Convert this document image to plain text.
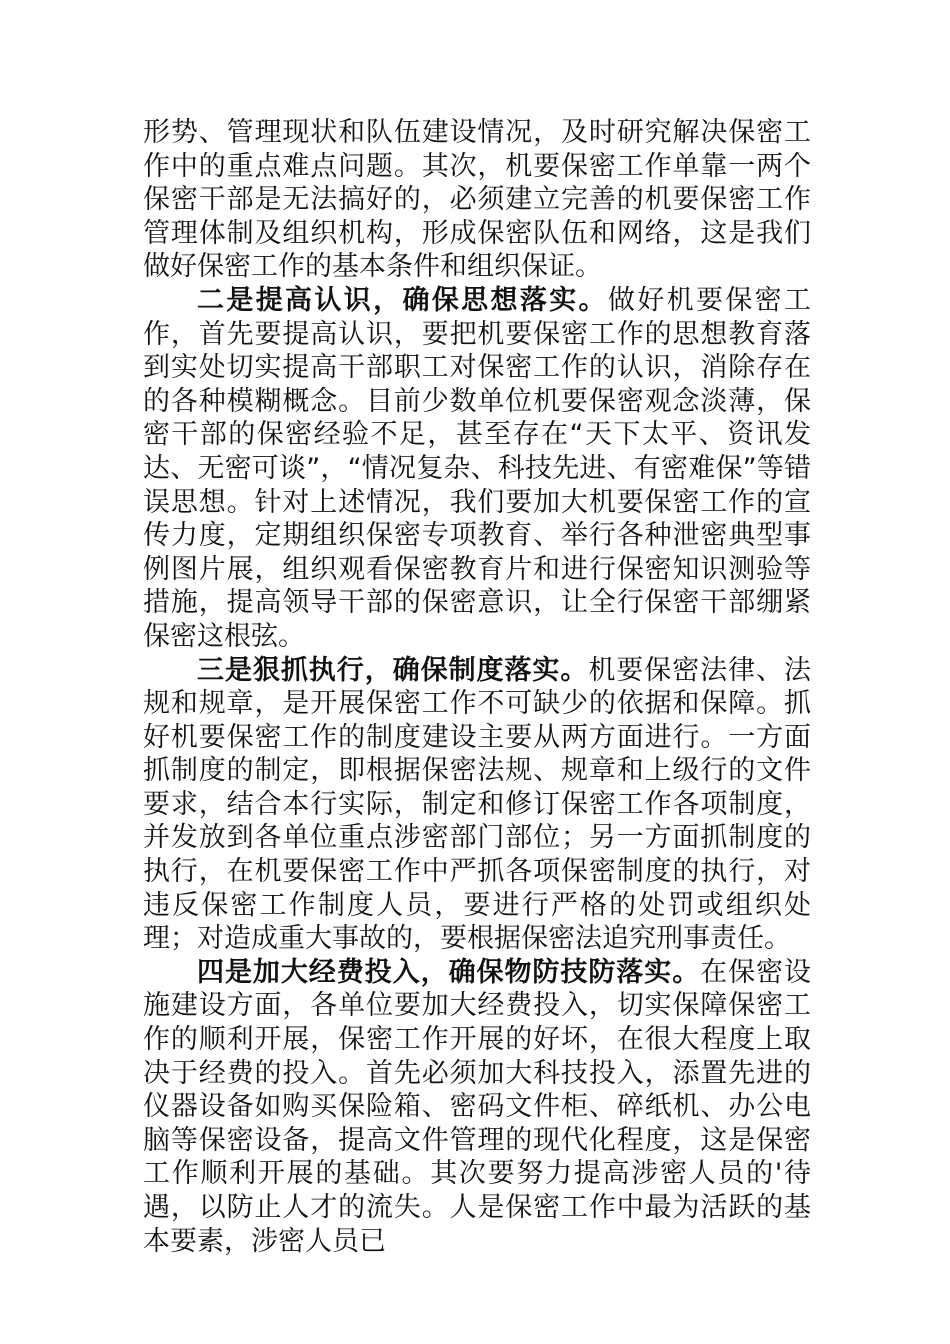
形势、管理现状和队伍建设情况，及时研究解决保密工作中的重点难点问题。其次，机要保密工作单靠一两个保密干部是无法搞好的，必须建立完善的机要保密工作管理体制及组织机构，形成保密队伍和网络，这是我们做好保密工作的基本条件和组织保证。

二是提高认识，确保思想落实。做好机要保密工作，首先要提高认识，要把机要保密工作的思想教育落到实处切实提高干部职工对保密工作的认识，消除存在的各种模糊概念。目前少数单位机要保密观念淡薄，保密干部的保密经验不足，甚至存在“天下太平、资讯发达、无密可谈”，“情况复杂、科技先进、有密难保”等错误思想。针对上述情况，我们要加大机要保密工作的宣传力度，定期组织保密专项教育、举行各种泄密典型事例图片展，组织观看保密教育片和进行保密知识测验等措施，提高领导干部的保密意识，让全行保密干部绷紧保密这根弦。

三是狠抓执行，确保制度落实。机要保密法律、法规和规章，是开展保密工作不可缺少的依据和保障。抓好机要保密工作的制度建设主要从两方面进行。一方面抓制度的制定，即根据保密法规、规章和上级行的文件要求，结合本行实际，制定和修订保密工作各项制度，并发放到各单位重点涉密部门部位；另一方面抓制度的执行，在机要保密工作中严抓各项保密制度的执行，对违反保密工作制度人员，要进行严格的处罚或组织处理；对造成重大事故的，要根据保密法追究刑事责任。

四是加大经费投入，确保物防技防落实。在保密设施建设方面，各单位要加大经费投入，切实保障保密工作的顺利开展，保密工作开展的好坏，在很大程度上取决于经费的投入。首先必须加大科技投入，添置先进的仪器设备如购买保险箱、密码文件柜、碎纸机、办公电脑等保密设备，提高文件管理的现代化程度，这是保密工作顺利开展的基础。其次要努力提高涉密人员的'待遇，以防止人才的流失。人是保密工作中最为活跃的基本要素，涉密人员已
